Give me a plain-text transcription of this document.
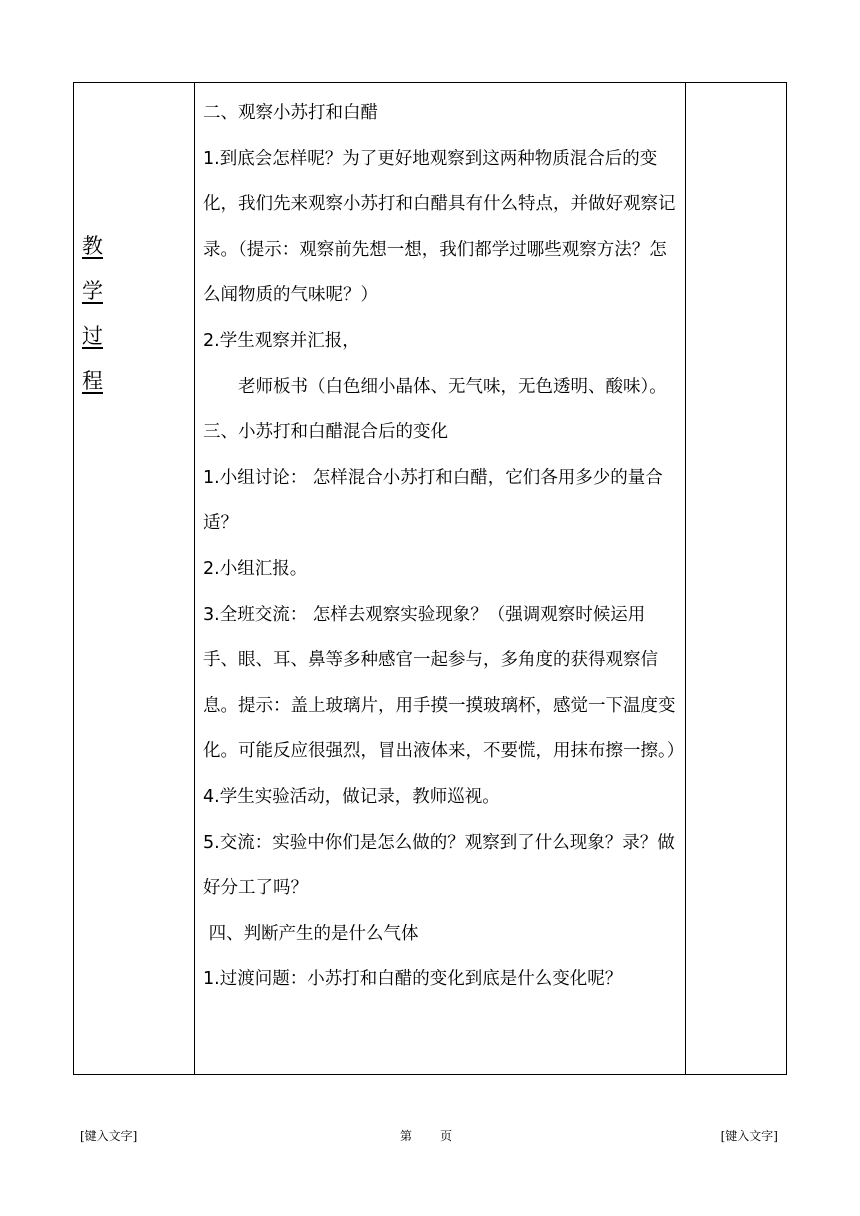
教
学
过
程

二、观察小苏打和白醋

1.到底会怎样呢？为了更好地观察到这两种物质混合后的变化，我们先来观察小苏打和白醋具有什么特点，并做好观察记录。（提示：观察前先想一想，我们都学过哪些观察方法？怎么闻物质的气味呢？）

2.学生观察并汇报，

老师板书（白色细小晶体、无气味，无色透明、酸味）。

三、小苏打和白醋混合后的变化

1.小组讨论： 怎样混合小苏打和白醋，它们各用多少的量合适？

2.小组汇报。

3.全班交流： 怎样去观察实验现象？（强调观察时候运用手、眼、耳、鼻等多种感官一起参与，多角度的获得观察信息。提示：盖上玻璃片，用手摸一摸玻璃杯，感觉一下温度变化。可能反应很强烈，冒出液体来，不要慌，用抹布擦一擦。）

4.学生实验活动，做记录，教师巡视。

5.交流：实验中你们是怎么做的？观察到了什么现象？录？做好分工了吗？

四、判断产生的是什么气体

1.过渡问题：小苏打和白醋的变化到底是什么变化呢？

[键入文字]	第 页	[键入文字]
